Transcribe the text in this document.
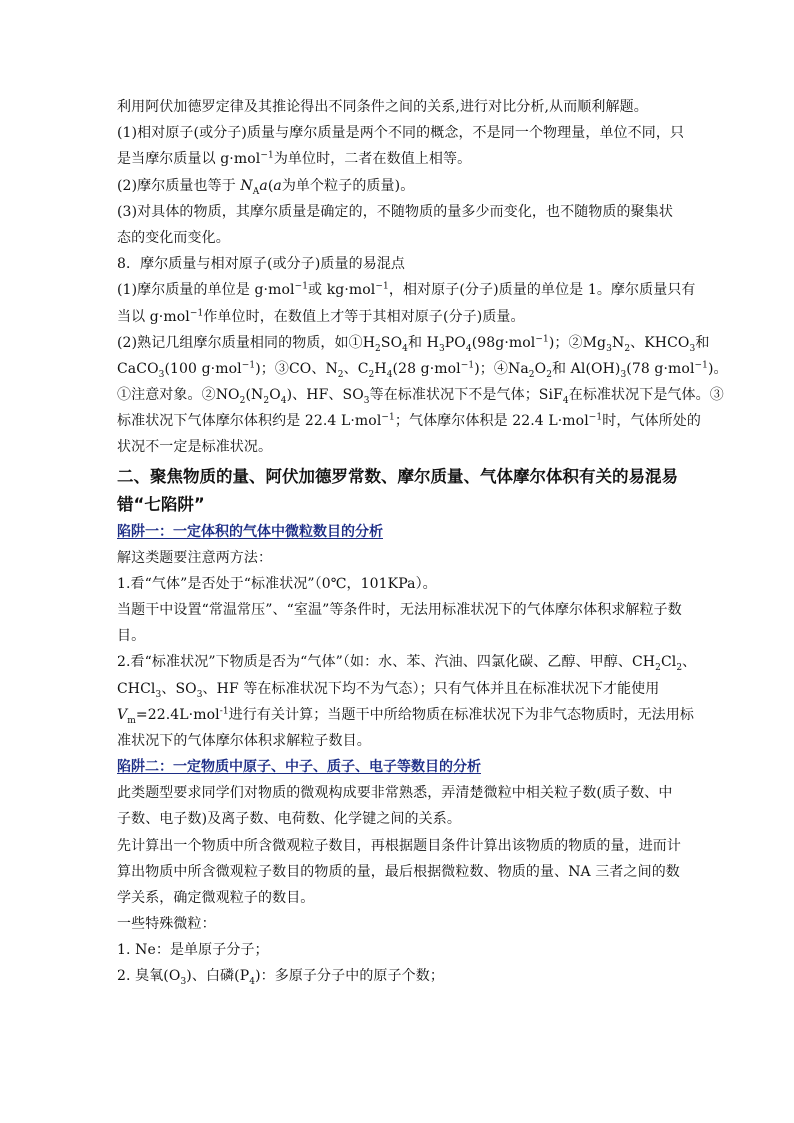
利用阿伏加德罗定律及其推论得出不同条件之间的关系,进行对比分析,从而顺利解题。
(1)相对原子(或分子)质量与摩尔质量是两个不同的概念，不是同一个物理量，单位不同，只
是当摩尔质量以 g·mol$^{-1}$为单位时，二者在数值上相等。
(2)摩尔质量也等于 $N_Aa(a$为单个粒子的质量)。
(3)对具体的物质，其摩尔质量是确定的，不随物质的量多少而变化，也不随物质的聚集状
态的变化而变化。
8．摩尔质量与相对原子(或分子)质量的易混点
(1)摩尔质量的单位是 g·mol$^{-1}$或 kg·mol$^{-1}$，相对原子(分子)质量的单位是 1。摩尔质量只有
当以 g·mol$^{-1}$作单位时，在数值上才等于其相对原子(分子)质量。
(2)熟记几组摩尔质量相同的物质，如$①H_2SO_4$和 $H_3PO_4(98g\cdot mol^{-1})$；$②Mg_3N_2$、$KHCO_3$和
CaCO$_3$(100 g·mol$^{-1}$)；③CO、$N_2$、$C_2H_4(28$ g·mol$^{-1}$)；$④Na_2O_2$和 $Al(OH)_3(78$ g·mol$^{-1}$)。
①注意对象。$②NO_2(N_2O_4)$、HF、$SO_3$等在标准状况下不是气体；SiF$_4$在标准状况下是气体。③
标准状况下气体摩尔体积约是 22.4 L·mol$^{-1}$；气体摩尔体积是 22.4 L·mol$^{-1}$时，气体所处的
状况不一定是标准状况。
二、聚焦物质的量、阿伏加德罗常数、摩尔质量、气体摩尔体积有关的易混易
错“七陷阱”
陷阱一：一定体积的气体中微粒数目的分析
解这类题要注意两方法：
1.看“气体”是否处于“标准状况”（0℃，101KPa）。
当题干中设置“常温常压”、“室温”等条件时，无法用标准状况下的气体摩尔体积求解粒子数
目。
2.看“标准状况”下物质是否为“气体”（如：水、苯、汽油、四氯化碳、乙醇、甲醇、$CH_2Cl_2$、
CHCl$_3$、$SO_3$、HF 等在标准状况下均不为气态）；只有气体并且在标准状况下才能使用
$V_m=22.4L\cdot mol^{-1}$进行有关计算；当题干中所给物质在标准状况下为非气态物质时，无法用标
准状况下的气体摩尔体积求解粒子数目。
陷阱二：一定物质中原子、中子、质子、电子等数目的分析
此类题型要求同学们对物质的微观构成要非常熟悉，弄清楚微粒中相关粒子数(质子数、中
子数、电子数)及离子数、电荷数、化学键之间的关系。
先计算出一个物质中所含微观粒子数目，再根据题目条件计算出该物质的物质的量，进而计
算出物质中所含微观粒子数目的物质的量，最后根据微粒数、物质的量、NA 三者之间的数
学关系，确定微观粒子的数目。
一些特殊微粒：
1. Ne：是单原子分子；
2. 臭氧$(O_3)$、白磷$(P_4)$：多原子分子中的原子个数；
